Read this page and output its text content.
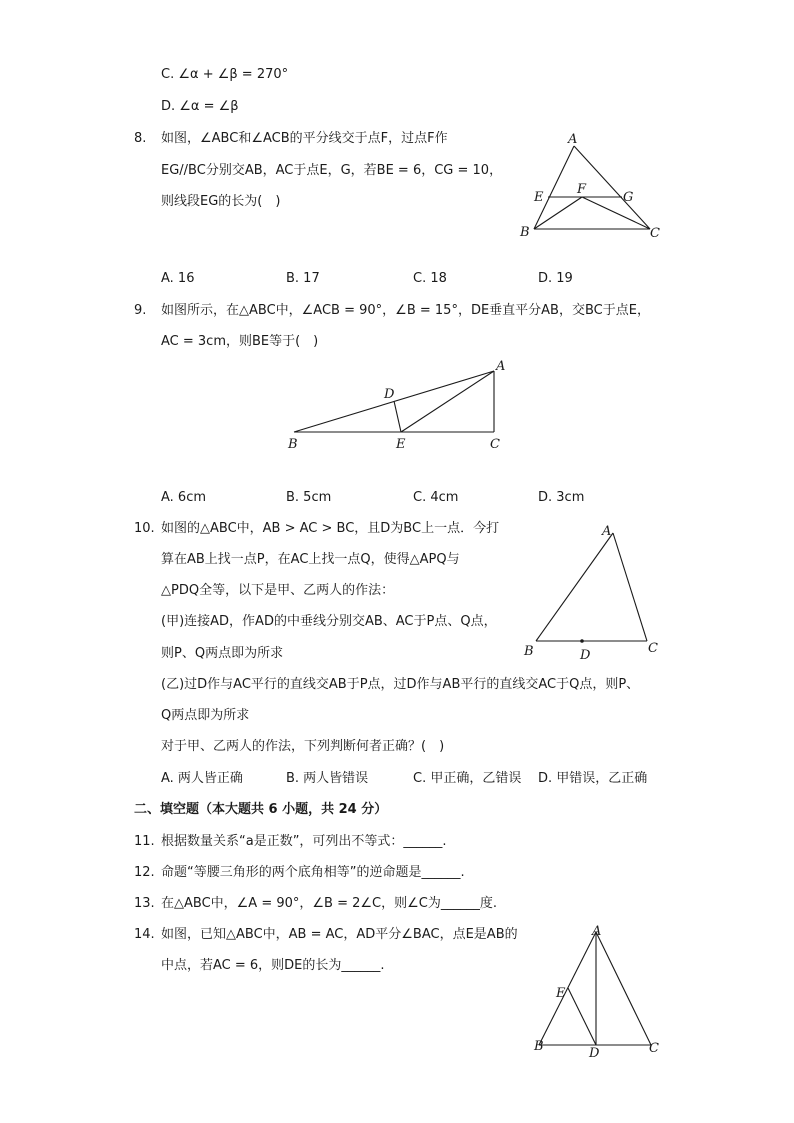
C. ∠α + ∠β = 270°
D. ∠α = ∠β
8. 如图，∠ABC和∠ACB的平分线交于点F，过点F作
EG//BC分别交AB，AC于点E，G，若BE = 6，CG = 10，
则线段EG的长为(　)
A
E
F
G
B	C
A. 16	B. 17	C. 18	D. 19
9. 如图所示，在△ABC中，∠ACB = 90°，∠B = 15°，DE垂直平分AB，交BC于点E，
AC = 3cm，则BE等于(　)
A
D
B	E	C
A. 6cm	B. 5cm	C. 4cm	D. 3cm
10. 如图的△ABC中，AB > AC > BC，且D为BC上一点．今打
算在AB上找一点P，在AC上找一点Q，使得△APQ与
△PDQ全等，以下是甲、乙两人的作法：
(甲)连接AD，作AD的中垂线分别交AB、AC于P点、Q点，
则P、Q两点即为所求
(乙)过D作与AC平行的直线交AB于P点，过D作与AB平行的直线交AC于Q点，则P、
Q两点即为所求
对于甲、乙两人的作法，下列判断何者正确？(　)
A
B	D	C
A. 两人皆正确	B. 两人皆错误	C. 甲正确，乙错误 D. 甲错误，乙正确
二、填空题（本大题共 6 小题，共 24 分）
11. 根据数量关系“a是正数”，可列出不等式：______.
12. 命题“等腰三角形的两个底角相等”的逆命题是______.
13. 在△ABC中，∠A = 90°，∠B = 2∠C，则∠C为______度.
14. 如图，已知△ABC中，AB = AC，AD平分∠BAC，点E是AB的
中点，若AC = 6，则DE的长为______.
A
E
B	D	C
